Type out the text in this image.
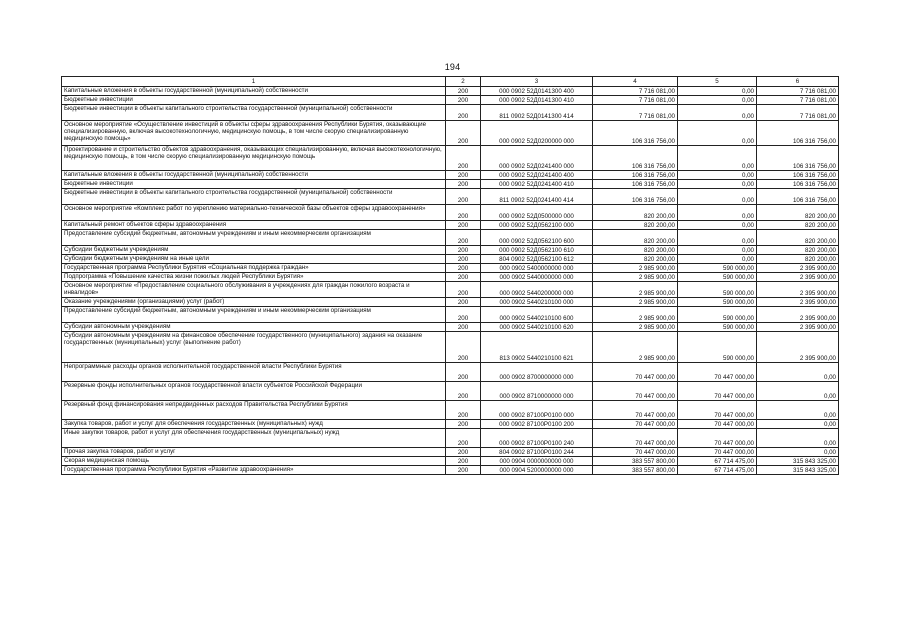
194
1	2	3	4	5	6
Капитальные вложения в объекты государственной (муниципальной) собственности	200	000 0902 52Д0141300 400	7 716 081,00	0,00	7 716 081,00
Бюджетные инвестиции	200	000 0902 52Д0141300 410	7 716 081,00	0,00	7 716 081,00
Бюджетные инвестиции в объекты капитального строительства государственной (муниципальной) собственности	200	811 0902 52Д0141300 414	7 716 081,00	0,00	7 716 081,00
Основное мероприятие «Осуществление инвестиций в объекты сферы здравоохранения Республики Бурятия, оказывающие специализированную, включая высокотехнологичную, медицинскую помощь, в том числе скорую специализированную медицинскую помощь»	200	000 0902 52Д0200000 000	106 316 756,00	0,00	106 316 756,00
Проектирование и строительство объектов здравоохранения, оказывающих специализированную, включая высокотехнологичную, медицинскую помощь, в том числе скорую специализированную медицинскую помощь	200	000 0902 52Д0241400 000	106 316 756,00	0,00	106 316 756,00
Капитальные вложения в объекты государственной (муниципальной) собственности	200	000 0902 52Д0241400 400	106 316 756,00	0,00	106 316 756,00
Бюджетные инвестиции	200	000 0902 52Д0241400 410	106 316 756,00	0,00	106 316 756,00
Бюджетные инвестиции в объекты капитального строительства государственной (муниципальной) собственности	200	811 0902 52Д0241400 414	106 316 756,00	0,00	106 316 756,00
Основное мероприятие «Комплекс работ по укреплению материально-технической базы объектов сферы здравоохранения»	200	000 0902 52Д0500000 000	820 200,00	0,00	820 200,00
Капитальный ремонт объектов сферы здравоохранения	200	000 0902 52Д0562100 000	820 200,00	0,00	820 200,00
Предоставление субсидий бюджетным, автономным учреждениям и иным некоммерческим организациям	200	000 0902 52Д0562100 600	820 200,00	0,00	820 200,00
Субсидии бюджетным учреждениям	200	000 0902 52Д0562100 610	820 200,00	0,00	820 200,00
Субсидии бюджетным учреждениям на иные цели	200	804 0902 52Д0562100 612	820 200,00	0,00	820 200,00
Государственная программа Республики Бурятия «Социальная поддержка граждан»	200	000 0902 5400000000 000	2 985 900,00	590 000,00	2 395 900,00
Подпрограмма «Повышение качества жизни пожилых людей Республики Бурятия»	200	000 0902 5440000000 000	2 985 900,00	590 000,00	2 395 900,00
Основное мероприятие «Предоставление социального обслуживания в учреждениях для граждан пожилого возраста и инвалидов»	200	000 0902 5440200000 000	2 985 900,00	590 000,00	2 395 900,00
Оказание учреждениями (организациями) услуг (работ)	200	000 0902 5440210100 000	2 985 900,00	590 000,00	2 395 900,00
Предоставление субсидий бюджетным, автономным учреждениям и иным некоммерческим организациям	200	000 0902 5440210100 600	2 985 900,00	590 000,00	2 395 900,00
Субсидии автономным учреждениям	200	000 0902 5440210100 620	2 985 900,00	590 000,00	2 395 900,00
Субсидии автономным учреждениям на финансовое обеспечение государственного (муниципального) задания на оказание государственных (муниципальных) услуг (выполнение работ)	200	813 0902 5440210100 621	2 985 900,00	590 000,00	2 395 900,00
Непрограммные расходы органов исполнительной государственной власти Республики Бурятия	200	000 0902 8700000000 000	70 447 000,00	70 447 000,00	0,00
Резервные фонды исполнительных органов государственной власти субъектов Российской Федерации	200	000 0902 8710000000 000	70 447 000,00	70 447 000,00	0,00
Резервный фонд финансирования непредвиденных расходов Правительства Республики Бурятия	200	000 0902 87100Р0100 000	70 447 000,00	70 447 000,00	0,00
Закупка товаров, работ и услуг для обеспечения государственных (муниципальных) нужд	200	000 0902 87100Р0100 200	70 447 000,00	70 447 000,00	0,00
Иные закупки товаров, работ и услуг для обеспечения государственных (муниципальных) нужд	200	000 0902 87100Р0100 240	70 447 000,00	70 447 000,00	0,00
Прочая закупка товаров, работ и услуг	200	804 0902 87100Р0100 244	70 447 000,00	70 447 000,00	0,00
Скорая медицинская помощь	200	000 0904 0000000000 000	383 557 800,00	67 714 475,00	315 843 325,00
Государственная программа Республики Бурятия «Развитие здравоохранения»	200	000 0904 5200000000 000	383 557 800,00	67 714 475,00	315 843 325,00
